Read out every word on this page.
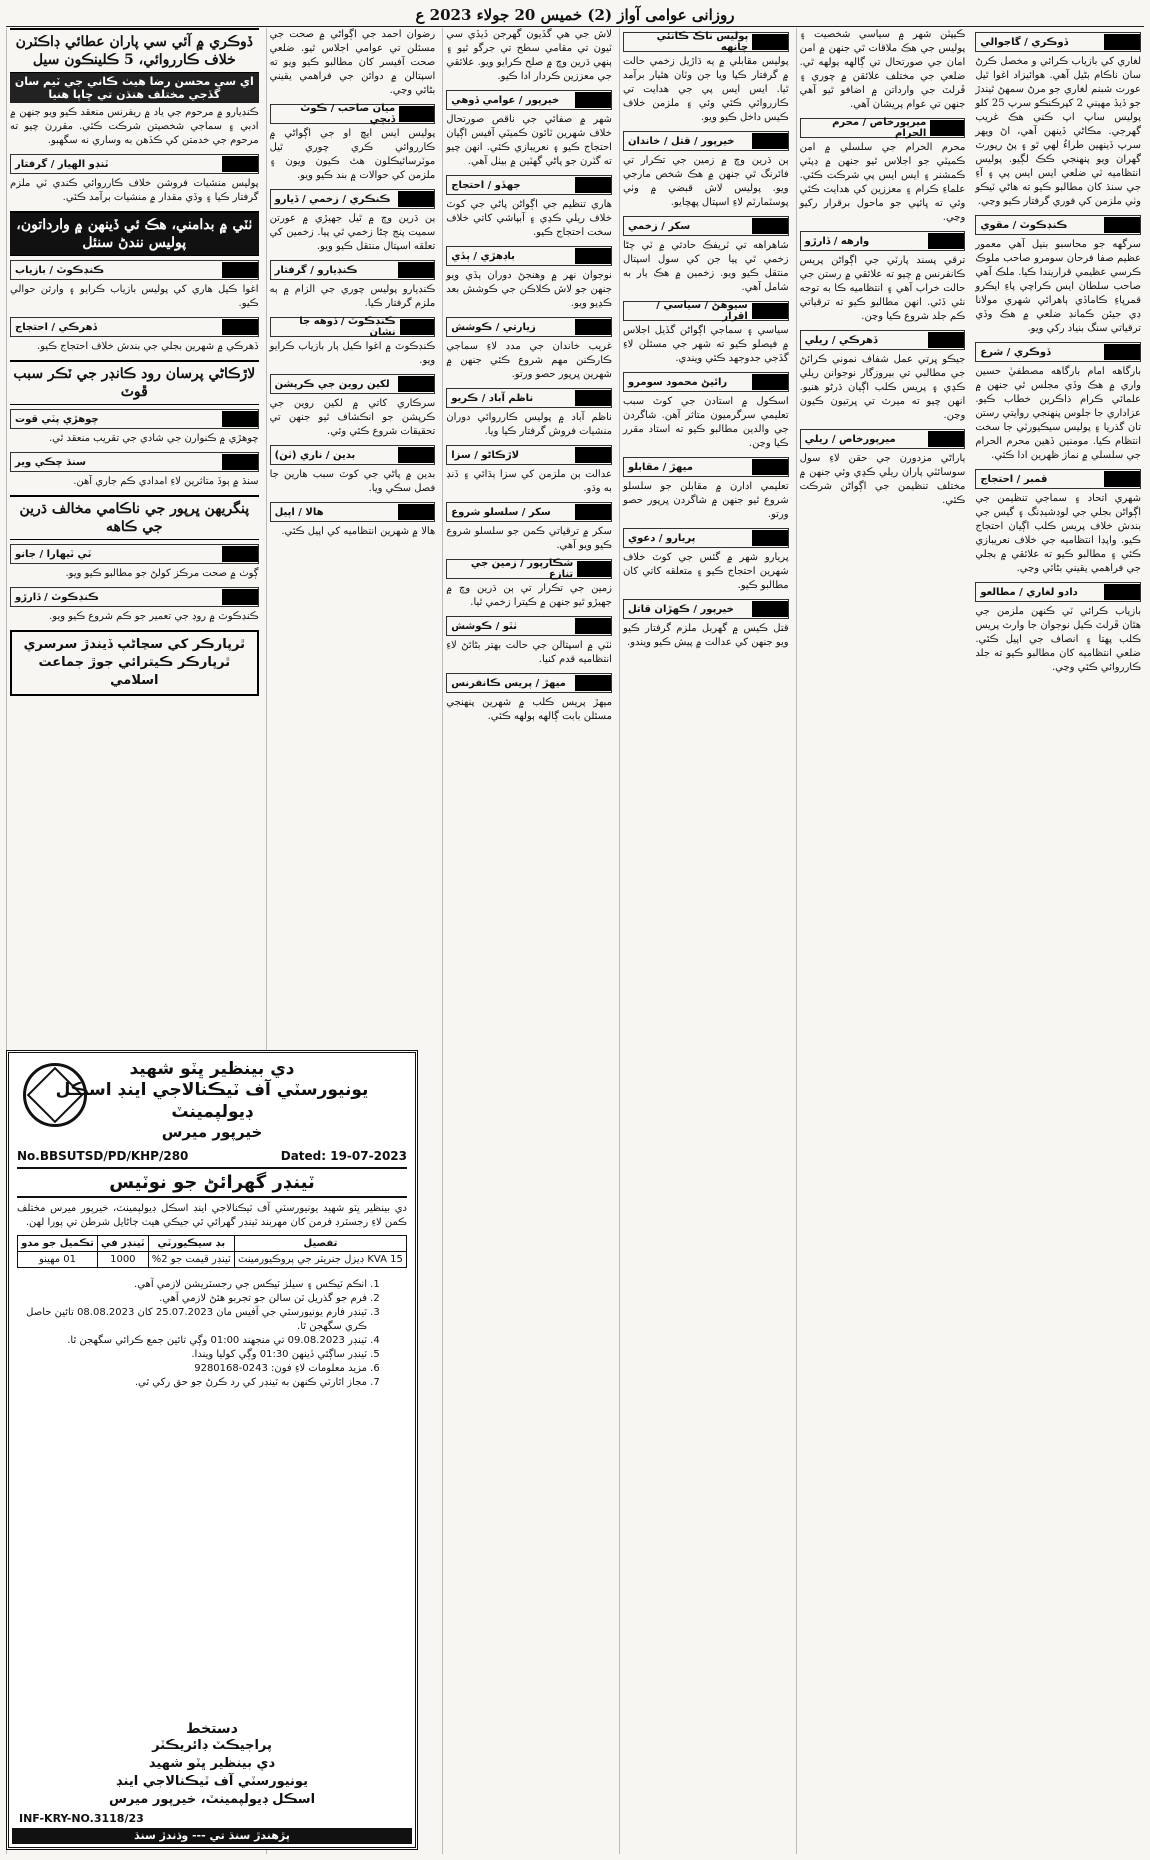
روزانی عوامی آواز (2) خمیس 20 جولاء 2023 ع
ڏوڪري / گاجوالي
لغاري کي بازياب ڪرائي و مخصل ڪرڻ سان ناڪام بڻيل آهي. هوائيزاد اغوا ٿيل عورت شبنم لغاري جو مرڻ سمهڻ ٿيندڙ جو ڏيڏ مهيني 2 کپرڪنڪو سرپ 25 کلو پوليس ساپ اپ ڪني هڪ غريب گهرجي. مڪاڻي ڏينهن آهي، اڻ ويهر سرپ ڏينهين طراءُ لهي ٿو ۽ پڻ رپورٽ گهران ويو پنهنجي ڪڪ لڳيو. پوليس انتظاميه ٽي ضلعي ايس ايس پي ۽ آءِ جي سنڌ کان مطالبو ڪيو ته هاڻي ٽيڪو وٺي ملزمن کي فوري گرفتار ڪيو وڃي.
ڪنڊڪوٽ / مقوي
سرگهه جو محاسبو بنيل آهي معمور عظيم صفا فرحان سومرو صاحب ملوڪ ڪرسي عظيمي قراريندا ڪيا. ملڪ آهي صاحب سلطان ايس ڪراچي پاءِ ايڪرو قمرپاءِ ڪاماڏي ٻاهرائي شهري مولانا ڊي جيئن ڪمانڊ ضلعي ۾ هڪ وڏي ترقياتي سنگ بنياد رکي ويو.
ڏوڪري / شرع
بارگاهه امام بارگاهه مصطفيٰ حسين واري ۾ هڪ وڏي مجلس ٿي جنهن ۾ علمائي ڪرام ذاڪرين خطاب ڪيو. عزاداري جا جلوس پنهنجي روايتي رستن تان گذريا ۽ پوليس سيڪيورٽي جا سخت انتظام ڪيا. مومنين ڏهين محرم الحرام جي سلسلي ۾ نماز ظهرين ادا ڪئي.
قمبر / احتجاج
شهري اتحاد ۽ سماجي تنظيمن جي اڳواڻن بجلي جي لوڊشيڊنگ ۽ گيس جي بندش خلاف پريس ڪلب اڳيان احتجاج ڪيو. واپڊا انتظاميه جي خلاف نعريبازي ڪئي ۽ مطالبو ڪيو ته علائقي ۾ بجلي جي فراهمي يقيني بڻائي وڃي.
دادو لغاري / مطالعو
بازياب ڪرائي ٽي ڪنهن ملزمن جي هٿان ڦرلٽ ڪيل نوجوان جا وارث پريس ڪلب پهتا ۽ انصاف جي اپيل ڪئي. ضلعي انتظاميه کان مطالبو ڪيو ته جلد ڪارروائي ڪئي وڃي.
ڪيپٽن شهر ۾ سياسي شخصيت ۽ پوليس جي هڪ ملاقات ٿي جنهن ۾ امن امان جي صورتحال تي ڳالهه ٻولهه ٿي. ضلعي جي مختلف علائقن ۾ چوري ۽ ڦرلٽ جي وارداتن ۾ اضافو ٿيو آهي جنهن تي عوام پريشان آهي.
ميرپورخاص / محرم الحرام
محرم الحرام جي سلسلي ۾ امن ڪميٽي جو اجلاس ٿيو جنهن ۾ ڊپٽي ڪمشنر ۽ ايس ايس پي شرڪت ڪئي. علماءِ ڪرام ۽ معززين کي هدايت ڪئي وئي ته ڀائپي جو ماحول برقرار رکيو وڃي.
وارهه / ڏارڙو
ترقي پسند پارٽي جي اڳواڻن پريس ڪانفرنس ۾ چيو ته علائقي ۾ رستن جي حالت خراب آهي ۽ انتظاميه ڪا به توجه نٿي ڏئي. انهن مطالبو ڪيو ته ترقياتي ڪم جلد شروع ڪيا وڃن.
ڏهرڪي / ريلي
جيڪو ڀرتي عمل شفاف نموني ڪرائڻ جي مطالبي تي بيروزگار نوجوانن ريلي ڪڍي ۽ پريس ڪلب اڳيان ڌرڻو هنيو. انهن چيو ته ميرٽ تي ڀرتيون ڪيون وڃن.
ميرپورخاص / ريلي
ٻاراڻي مزدورن جي حقن لاءِ سول سوسائٽي پاران ريلي ڪڍي وئي جنهن ۾ مختلف تنظيمن جي اڳواڻن شرڪت ڪئي.
پوليس ناڪ ڪانئي چانهه
پوليس مقابلي ۾ ٻه ڌاڙيل زخمي حالت ۾ گرفتار ڪيا ويا جن وٽان هٿيار برآمد ٿيا. ايس ايس پي جي هدايت تي ڪارروائي ڪئي وئي ۽ ملزمن خلاف ڪيس داخل ڪيو ويو.
خيرپور / قتل / خاندان
ٻن ڌرين وچ ۾ زمين جي تڪرار تي فائرنگ ٿي جنهن ۾ هڪ شخص مارجي ويو. پوليس لاش قبضي ۾ وٺي پوسٽمارٽم لاءِ اسپتال پهچايو.
سکر / زخمي
شاهراهه تي ٽريفڪ حادثي ۾ ٽي ڄڻا زخمي ٿي پيا جن کي سول اسپتال منتقل ڪيو ويو. زخمين ۾ هڪ ٻار به شامل آهي.
سيوهڻ / سياسي / اقرار
سياسي ۽ سماجي اڳواڻن گڏيل اجلاس ۾ فيصلو ڪيو ته شهر جي مسئلن لاءِ گڏجي جدوجهد ڪئي ويندي.
رائيڻ محمود سومرو
اسڪول ۾ استادن جي کوٽ سبب تعليمي سرگرميون متاثر آهن. شاگردن جي والدين مطالبو ڪيو ته استاد مقرر ڪيا وڃن.
ميهڙ / مقابلو
تعليمي ادارن ۾ مقابلن جو سلسلو شروع ٿيو جنهن ۾ شاگردن ڀرپور حصو ورتو.
پريارو / دعوي
پريارو شهر ۾ گئس جي کوٽ خلاف شهرين احتجاج ڪيو ۽ متعلقه کاتي کان مطالبو ڪيو.
خيرپور / ڪهڙان قاتل
قتل ڪيس ۾ گهربل ملزم گرفتار ڪيو ويو جنهن کي عدالت ۾ پيش ڪيو ويندو.
لاش جي هي گڏيون گهرجن ڏيڏي سي ٽيون تي مقامي سطح تي جرگو ٿيو ۽ ٻنهي ڌرين وچ ۾ صلح ڪرايو ويو. علائقي جي معززين ڪردار ادا ڪيو.
خيرپور / عوامي ڏوهي
شهر ۾ صفائي جي ناقص صورتحال خلاف شهرين ٽائون ڪميٽي آفيس اڳيان احتجاج ڪيو ۽ نعريبازي ڪئي. انهن چيو ته گٽرن جو پاڻي گهٽين ۾ بيٺل آهي.
جهڏو / احتجاج
هاري تنظيم جي اڳواڻن پاڻي جي کوٽ خلاف ريلي ڪڍي ۽ آبپاشي کاتي خلاف سخت احتجاج ڪيو.
باڊهڙي / ٻڏي
نوجوان نهر ۾ وهنجڻ دوران ٻڏي ويو جنهن جو لاش ڪلاڪن جي ڪوشش بعد ڪڍيو ويو.
زيارتي / ڪوشش
غريب خاندان جي مدد لاءِ سماجي ڪارڪنن مهم شروع ڪئي جنهن ۾ شهرين ڀرپور حصو ورتو.
ناظم آباد / ڪريو
ناظم آباد ۾ پوليس ڪارروائي دوران منشيات فروش گرفتار ڪيا ويا.
لاڙڪاڻو / سزا
عدالت ٻن ملزمن کي سزا ٻڌائي ۽ ڏنڊ به وڌو.
سکر / سلسلو شروع
سکر ۾ ترقياتي ڪمن جو سلسلو شروع ڪيو ويو آهي.
شڪارپور / زمين جي تنازع
زمين جي تڪرار تي ٻن ڌرين وچ ۾ جهيڙو ٿيو جنهن ۾ ڪيترا زخمي ٿيا.
ٺٽو / ڪوشش
ٺٽي ۾ اسپتالن جي حالت بهتر بڻائڻ لاءِ انتظاميه قدم کنيا.
ميهڙ / پريس ڪانفرنس
ميهڙ پريس ڪلب ۾ شهرين پنهنجي مسئلن بابت ڳالهه ٻولهه ڪئي.
رضوان احمد جي اڳواڻي ۾ صحت جي مسئلن تي عوامي اجلاس ٿيو. ضلعي صحت آفيسر کان مطالبو ڪيو ويو ته اسپتالن ۾ دوائن جي فراهمي يقيني بڻائي وڃي.
ميان صاحب / ڪوٽ ڏيڄي
پوليس ايس ايڇ او جي اڳواڻي ۾ ڪارروائي ڪري چوري ٿيل موٽرسائيڪلون هٿ ڪيون ويون ۽ ملزمن کي حوالات ۾ بند ڪيو ويو.
ڪنڪري / زخمي / ڏيارو
ٻن ڌرين وچ ۾ ٿيل جهيڙي ۾ عورتن سميت پنج ڄڻا زخمي ٿي پيا. زخمين کي تعلقه اسپتال منتقل ڪيو ويو.
ڪنڊيارو / گرفتار
ڪنڊيارو پوليس چوري جي الزام ۾ ٻه ملزم گرفتار ڪيا.
ڪنڊڪوٽ / ڏوهه جا نشان
ڪنڊڪوٽ ۾ اغوا ڪيل ٻار بازياب ڪرايو ويو.
لکين روين جي ڪرپشن
سرڪاري کاتي ۾ لکين روين جي ڪرپشن جو انڪشاف ٿيو جنهن تي تحقيقات شروع ڪئي وئي.
بدين / ناري (ٺن)
بدين ۾ پاڻي جي کوٽ سبب هارين جا فصل سڪي ويا.
هالا / اپيل
هالا ۾ شهرين انتظاميه کي اپيل ڪئي.
ڏوڪري ۾ آئي سي پاران عطائي ڊاڪٽرن خلاف ڪارروائي، 5 ڪلينڪون سيل
اي سي محسن رضا هيٺ ڪاني جي ٽيم سان گڏجي مختلف هنڌن تي ڇاپا هنيا
ڪنڊيارو ۾ مرحوم جي ياد ۾ ريفرنس منعقد ڪيو ويو جنهن ۾ ادبي ۽ سماجي شخصيتن شرڪت ڪئي. مقررن چيو ته مرحوم جي خدمتن کي ڪڏهن به وساري نه سگهبو.
ٽنڊو الهيار / گرفتار
پوليس منشيات فروشن خلاف ڪارروائي ڪندي ٽي ملزم گرفتار ڪيا ۽ وڏي مقدار ۾ منشيات برآمد ڪئي.
ٺٽي ۾ بدامني، هڪ ئي ڏينهن ۾ وارداتون، پوليس نندڻ سنئل
ڪنڊڪوٽ / بازياب
اغوا ڪيل هاري کي پوليس بازياب ڪرايو ۽ وارثن حوالي ڪيو.
ڏهرڪي / احتجاج
ڏهرڪي ۾ شهرين بجلي جي بندش خلاف احتجاج ڪيو.
لاڙڪاڻي پرسان رود ڪانڊر جي ٽڪر سبب ڦوٽ
چوهڙي پٽي قوت
چوهڙي ۾ ڪنوارن جي شادي جي تقريب منعقد ٿي.
سنڌ چڪي وير
سنڌ ۾ ٻوڏ متاثرين لاءِ امدادي ڪم جاري آهن.
پنگريهن ڀرپور جي ناڪامي مخالف ڌرين جي ڪاهه
ٽي ٽيهارا / جانو
ڳوٺ ۾ صحت مرڪز کولڻ جو مطالبو ڪيو ويو.
ڪنڊڪوٽ / ڏارڙو
ڪنڊڪوٽ ۾ روڊ جي تعمير جو ڪم شروع ڪيو ويو.
ٿرپارڪر کي سڃاڻپ ڏيندڙ سرسري
ٿرپارڪر ڪيترائي جوڙ جماعت اسلامي
دي بينظير ڀٽو شهيد
يونيورسٽي آف ٽيڪنالاجي اينڊ اسڪل ڊيولپمينٽ
خيرپور ميرس
No.BBSUTSD/PD/KHP/280	Dated: 19-07-2023
ٽينڊر گهرائڻ جو نوٽيس
دي بينظير ڀٽو شهيد يونيورسٽي آف ٽيڪنالاجي اينڊ اسڪل ڊيولپمينٽ، خيرپور ميرس مختلف ڪمن لاءِ رجسٽرڊ فرمن کان مهربند ٽينڊر گهرائي ٿي جيڪي هيٺ ڄاڻايل شرطن تي پورا لهن.
تفصيل	بڊ سيڪيورٽي	ٽينڊر في	تڪميل جو مدو
15 KVA ڊيزل جنريٽر جي پروڪيورمينٽ	ٽينڊر قيمت جو 2%	1000	01 مهينو
1. انڪم ٽيڪس ۽ سيلز ٽيڪس جي رجسٽريشن لازمي آهي.
2. فرم جو گذريل ٽن سالن جو تجربو هئڻ لازمي آهي.
3. ٽينڊر فارم يونيورسٽي جي آفيس مان 25.07.2023 کان 08.08.2023 تائين حاصل ڪري سگهجن ٿا.
4. ٽينڊر 09.08.2023 تي منجهند 01:00 وڳي تائين جمع ڪرائي سگهجن ٿا.
5. ٽينڊر ساڳئي ڏينهن 01:30 وڳي کوليا ويندا.
6. مزيد معلومات لاءِ فون: 0243-9280168
7. مجاز اٿارٽي ڪنهن به ٽينڊر کي رد ڪرڻ جو حق رکي ٿي.
دستخط
پراجيڪٽ ڊائريڪٽر
دي بينظير ڀٽو شهيد
يونيورسٽي آف ٽيڪنالاجي اينڊ
اسڪل ڊيولپمينٽ، خيرپور ميرس
INF-KRY-NO.3118/23
پڙهندڙ سنڌ تي --- وڌندڙ سنڌ
